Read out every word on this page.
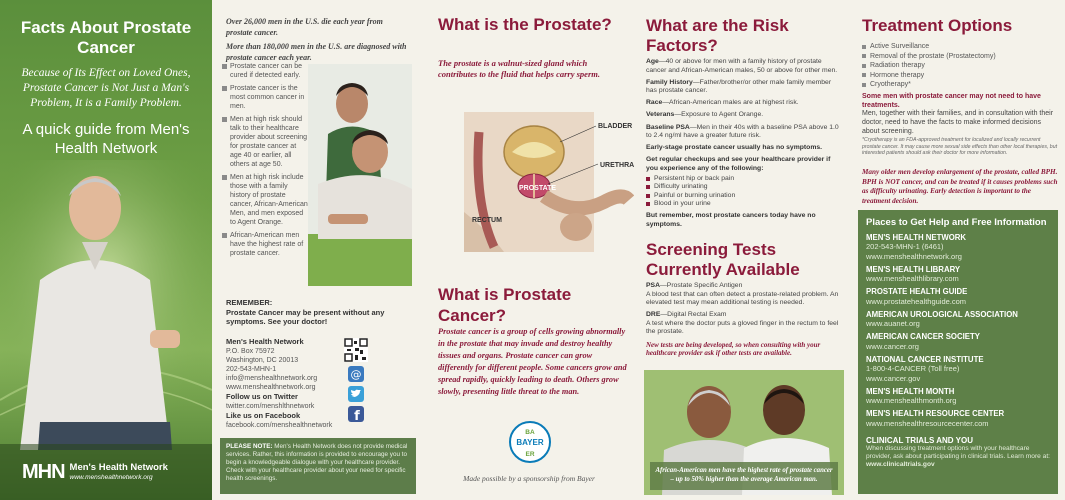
Facts About Prostate Cancer
Because of Its Effect on Loved Ones, Prostate Cancer is Not Just a Man's Problem, It is a Family Problem.
A quick guide from Men's Health Network
MHN Men's Health Network
www.menshealthnetwork.org

Over 26,000 men in the U.S. die each year from prostate cancer.

More than 180,000 men in the U.S. are diagnosed with prostate cancer each year.

Prostate cancer can be cured if detected early.
Prostate cancer is the most common cancer in men.
Men at high risk should talk to their healthcare provider about screening for prostate cancer at age 40 or earlier, all others at age 50.
Men at high risk include those with a family history of prostate cancer, African-American Men, and men exposed to Agent Orange.
African-American men have the highest rate of prostate cancer.
REMEMBER:
Prostate Cancer may be present without any symptoms. See your doctor!
Men's Health Network
P.O. Box 75972
Washington, DC 20013
202-543-MHN-1
info@menshealthnetwork.org
www.menshealthnetwork.org
Follow us on Twitter
twitter.com/menshlthnetwork
Like us on Facebook
facebook.com/menshealthnetwork
@
f
PLEASE NOTE: Men's Health Network does not provide medical services. Rather, this information is provided to encourage you to begin a knowledgeable dialogue with your healthcare provider. Check with your healthcare provider about your need for specific health screenings.
What is the Prostate?

The prostate is a walnut-sized gland which contributes to the fluid that helps carry sperm.

PROSTATE
BLADDER
URETHRA
RECTUM
What is Prostate Cancer?

Prostate cancer is a group of cells growing abnormally in the prostate that may invade and destroy healthy tissues and organs. Prostate cancer can grow differently for different people. Some cancers grow and spread rapidly, quickly leading to death. Others grow slowly, presenting little threat to the man.

BA
BAYER
ER
Made possible by a sponsorship from Bayer
What are the Risk Factors?

Age—40 or above for men with a family history of prostate cancer and African-American males, 50 or above for other men.

Family History—Father/brother/or other male family member has prostate cancer.

Race—African-American males are at highest risk.

Veterans—Exposure to Agent Orange.

Baseline PSA—Men in their 40s with a baseline PSA above 1.0 to 2.4 ng/ml have a greater future risk.

Early-stage prostate cancer usually has no symptoms.

Get regular checkups and see your healthcare provider if you experience any of the following:

Persistent hip or back pain
Difficulty urinating
Painful or burning urination
Blood in your urine

But remember, most prostate cancers today have no symptoms.

Screening Tests Currently Available

PSA—Prostate Specific Antigen
A blood test that can often detect a prostate-related problem. An elevated test may mean additional testing is needed.

DRE—Digital Rectal Exam
A test where the doctor puts a gloved finger in the rectum to feel the prostate.

New tests are being developed, so when consulting with your healthcare provider ask if other tests are available.

African-American men have the highest rate of prostate cancer – up to 50% higher than the average American man.
Treatment Options
Active Surveillance
Removal of the prostate (Prostatectomy)
Radiation therapy
Hormone therapy
Cryotherapy*
Some men with prostate cancer may not need to have treatments.
Men, together with their families, and in consultation with their doctor, need to have the facts to make informed decisions about screening.

*Cryotherapy is an FDA-approved treatment for localized and locally recurrent prostate cancer. It may cause more sexual side effects than other local therapies, but interested patients should ask their doctor for more information.

Many older men develop enlargement of the prostate, called BPH. BPH is NOT cancer, and can be treated if it causes problems such as difficulty urinating. Early detection is important to the treatment decision.

Places to Get Help and Free Information
MEN'S HEALTH NETWORK
202-543-MHN-1 (6461)
www.menshealthnetwork.org
MEN'S HEALTH LIBRARY
www.menshealthlibrary.com
PROSTATE HEALTH GUIDE
www.prostatehealthguide.com
AMERICAN UROLOGICAL ASSOCIATION
www.auanet.org
AMERICAN CANCER SOCIETY
www.cancer.org
NATIONAL CANCER INSTITUTE
1-800-4-CANCER (Toll free)
www.cancer.gov
MEN'S HEALTH MONTH
www.menshealthmonth.org
MEN'S HEALTH RESOURCE CENTER
www.menshealthresourcecenter.com
CLINICAL TRIALS AND YOU
When discussing treatment options with your healthcare provider, ask about participating in clinical trials. Learn more at: www.clinicaltrials.gov
